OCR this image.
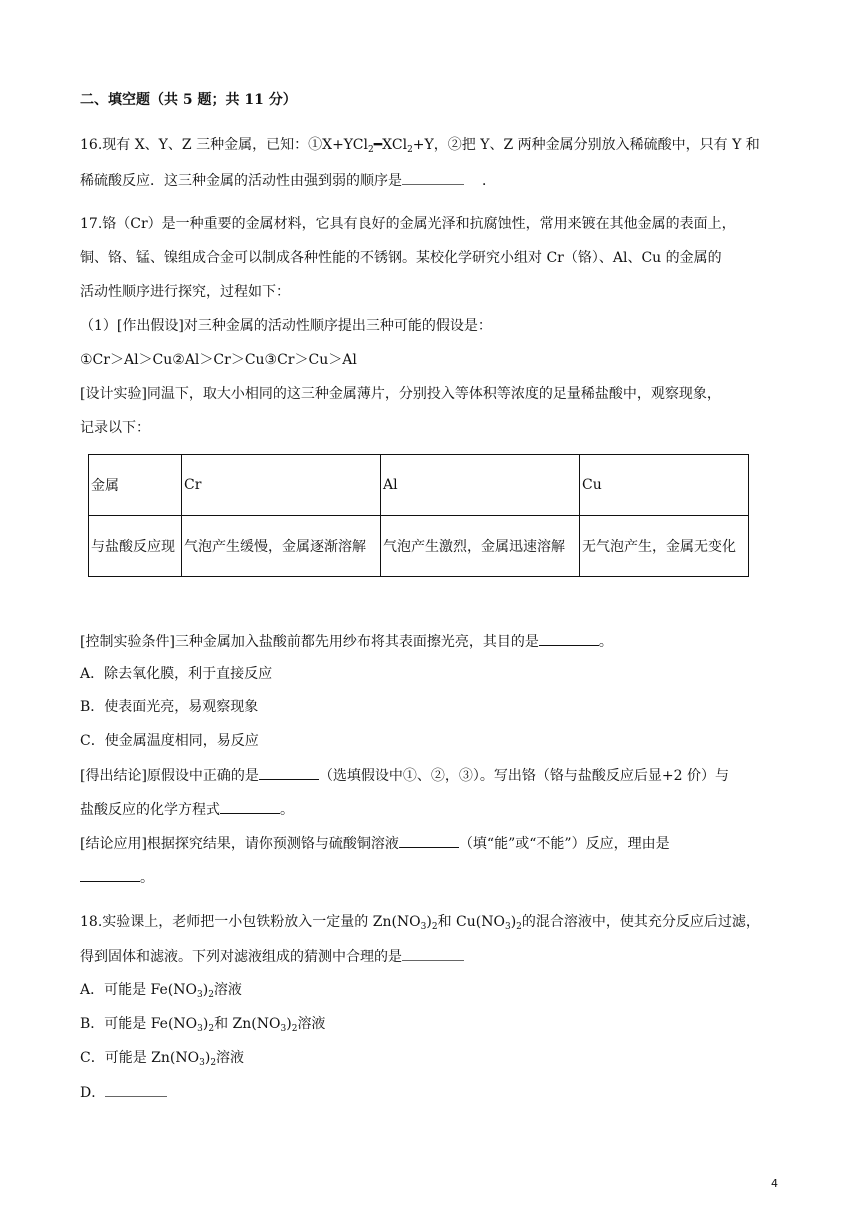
二、填空题（共 5 题；共 11 分）
16.现有 X、Y、Z 三种金属，已知：①X+YCl$_2$━XCl$_2$+Y，②把 Y、Z 两种金属分别放入稀硫酸中，只有 Y 和
稀硫酸反应．这三种金属的活动性由强到弱的顺序是	．
17.铬（Cr）是一种重要的金属材料，它具有良好的金属光泽和抗腐蚀性，常用来镀在其他金属的表面上，
铜、铬、锰、镍组成合金可以制成各种性能的不锈钢。某校化学研究小组对 Cr（铬）、Al、Cu 的金属的
活动性顺序进行探究，过程如下：
（1）[作出假设]对三种金属的活动性顺序提出三种可能的假设是：
①Cr＞Al＞Cu②Al＞Cr＞Cu③Cr＞Cu＞Al
[设计实验]同温下，取大小相同的这三种金属薄片，分别投入等体积等浓度的足量稀盐酸中，观察现象，
记录以下：
金属	Cr	Al	Cu
与盐酸反应现	气泡产生缓慢，金属逐渐溶解	气泡产生激烈，金属迅速溶解	无气泡产生，金属无变化
[控制实验条件]三种金属加入盐酸前都先用纱布将其表面擦光亮，其目的是	。
A．除去氧化膜，利于直接反应
B．使表面光亮，易观察现象
C．使金属温度相同，易反应
[得出结论]原假设中正确的是	（选填假设中①、②，③）。写出铬（铬与盐酸反应后显+2 价）与
盐酸反应的化学方程式	。
[结论应用]根据探究结果，请你预测铬与硫酸铜溶液	（填“能”或“不能”）反应，理由是
。
18.实验课上，老师把一小包铁粉放入一定量的 $Zn(NO_3)_2$和 $Cu(NO_3)_2$的混合溶液中，使其充分反应后过滤，
得到固体和滤液。下列对滤液组成的猜测中合理的是
A．可能是 $Fe(NO_3)_2$溶液
B．可能是 $Fe(NO_3)_2$和 $Zn(NO_3)_2$溶液
C．可能是 $Zn(NO_3)_2$溶液
D．
4
